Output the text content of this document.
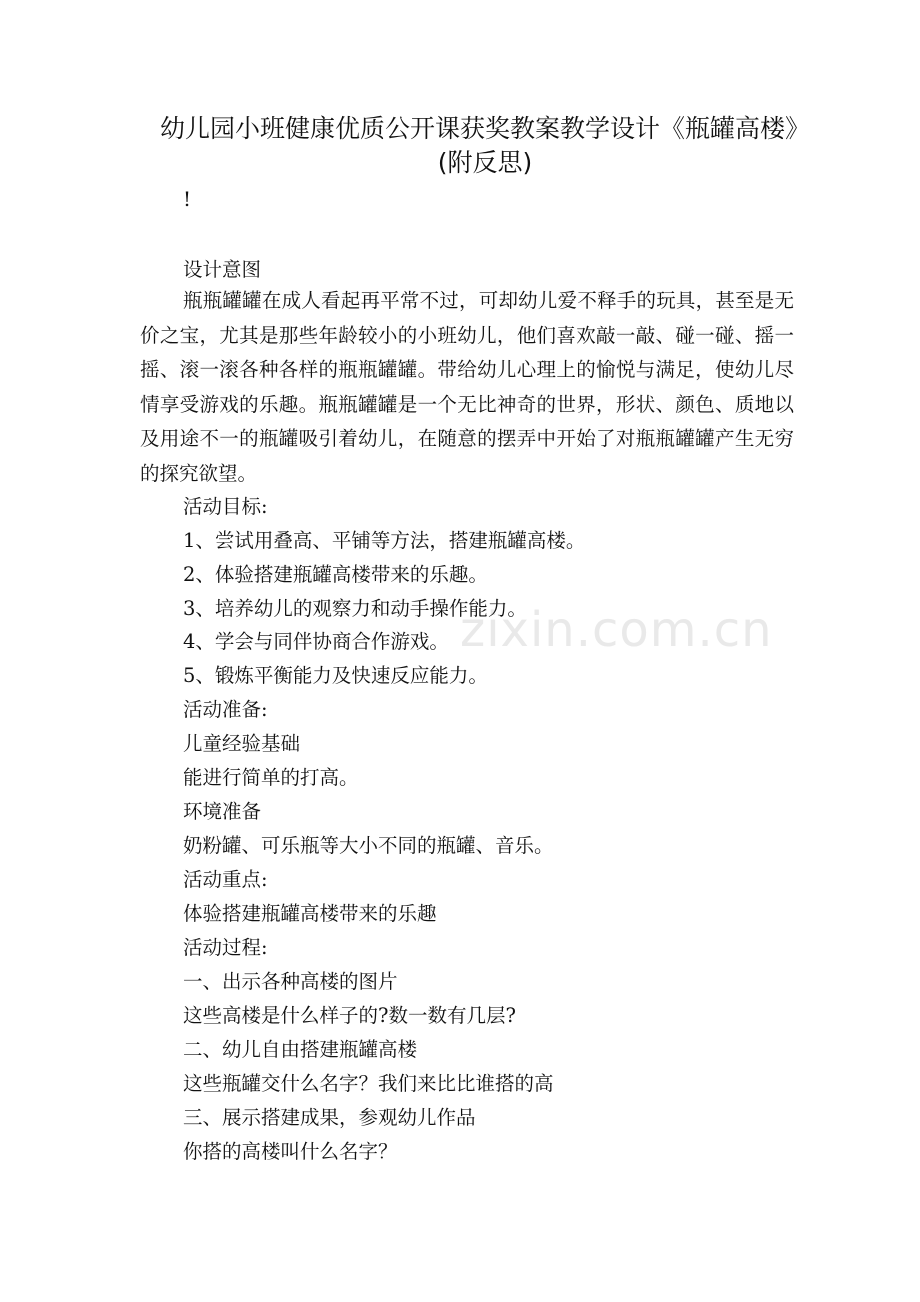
zixin.com.cn
幼儿园小班健康优质公开课获奖教案教学设计《瓶罐高楼》(附反思)
!
设计意图
瓶瓶罐罐在成人看起再平常不过，可却幼儿爱不释手的玩具，甚至是无价之宝，尤其是那些年龄较小的小班幼儿，他们喜欢敲一敲、碰一碰、摇一摇、滚一滚各种各样的瓶瓶罐罐。带给幼儿心理上的愉悦与满足，使幼儿尽情享受游戏的乐趣。瓶瓶罐罐是一个无比神奇的世界，形状、颜色、质地以及用途不一的瓶罐吸引着幼儿，在随意的摆弄中开始了对瓶瓶罐罐产生无穷的探究欲望。
活动目标:
1、尝试用叠高、平铺等方法，搭建瓶罐高楼。
2、体验搭建瓶罐高楼带来的乐趣。
3、培养幼儿的观察力和动手操作能力。
4、学会与同伴协商合作游戏。
5、锻炼平衡能力及快速反应能力。
活动准备:
儿童经验基础
能进行简单的打高。
环境准备
奶粉罐、可乐瓶等大小不同的瓶罐、音乐。
活动重点:
体验搭建瓶罐高楼带来的乐趣
活动过程:
一、出示各种高楼的图片
这些高楼是什么样子的?数一数有几层?
二、幼儿自由搭建瓶罐高楼
这些瓶罐交什么名字？我们来比比谁搭的高
三、展示搭建成果，参观幼儿作品
你搭的高楼叫什么名字？
